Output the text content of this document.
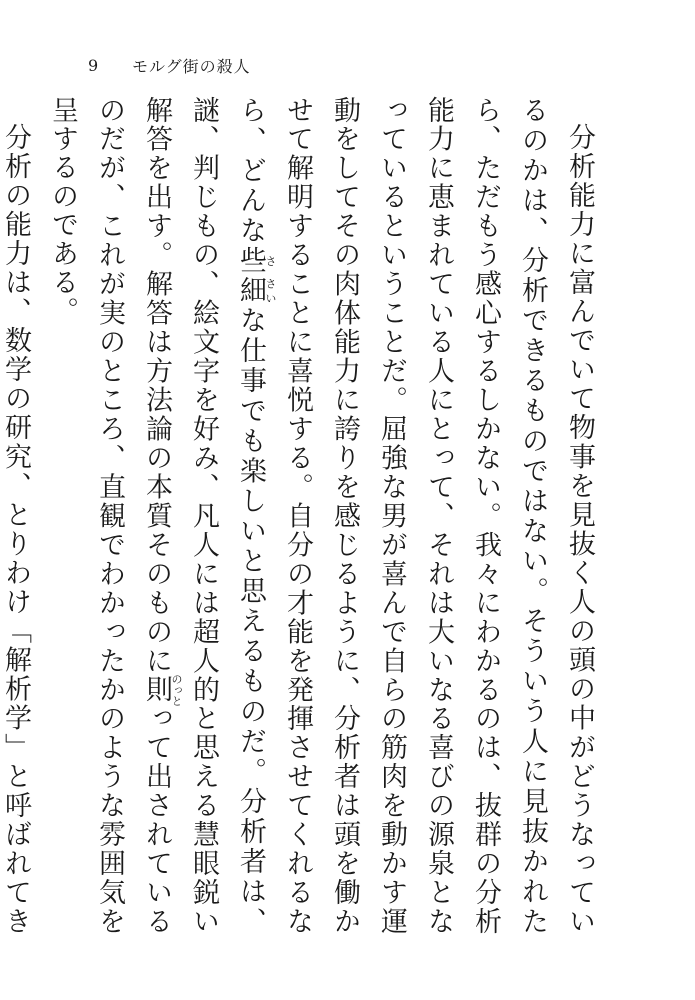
9	モルグ街の殺人

分析能力に富んでいて物事を見抜く人の頭の中がどうなっているのかは、分析できるものではない。そういう人に見抜かれたら、ただもう感心するしかない。我々にわかるのは、抜群の分析能力に恵まれている人にとって、それは大いなる喜びの源泉となっているということだ。屈強な男が喜んで自らの筋肉を動かす運動をしてその肉体能力に誇りを感じるように、分析者は頭を働かせて解明することに喜悦する。自分の才能を発揮させてくれるなら、どんな些さ細さいな仕事でも楽しいと思えるものだ。分析者は、謎、判じもの、絵文字を好み、凡人には超人的と思える慧眼鋭い解答を出す。解答は方法論の本質そのものに則のっとって出されているのだが、これが実のところ、直観でわかったかのような雰囲気を呈するのである。

分析の能力は、数学の研究、とりわけ「解析学」と呼ばれてき
